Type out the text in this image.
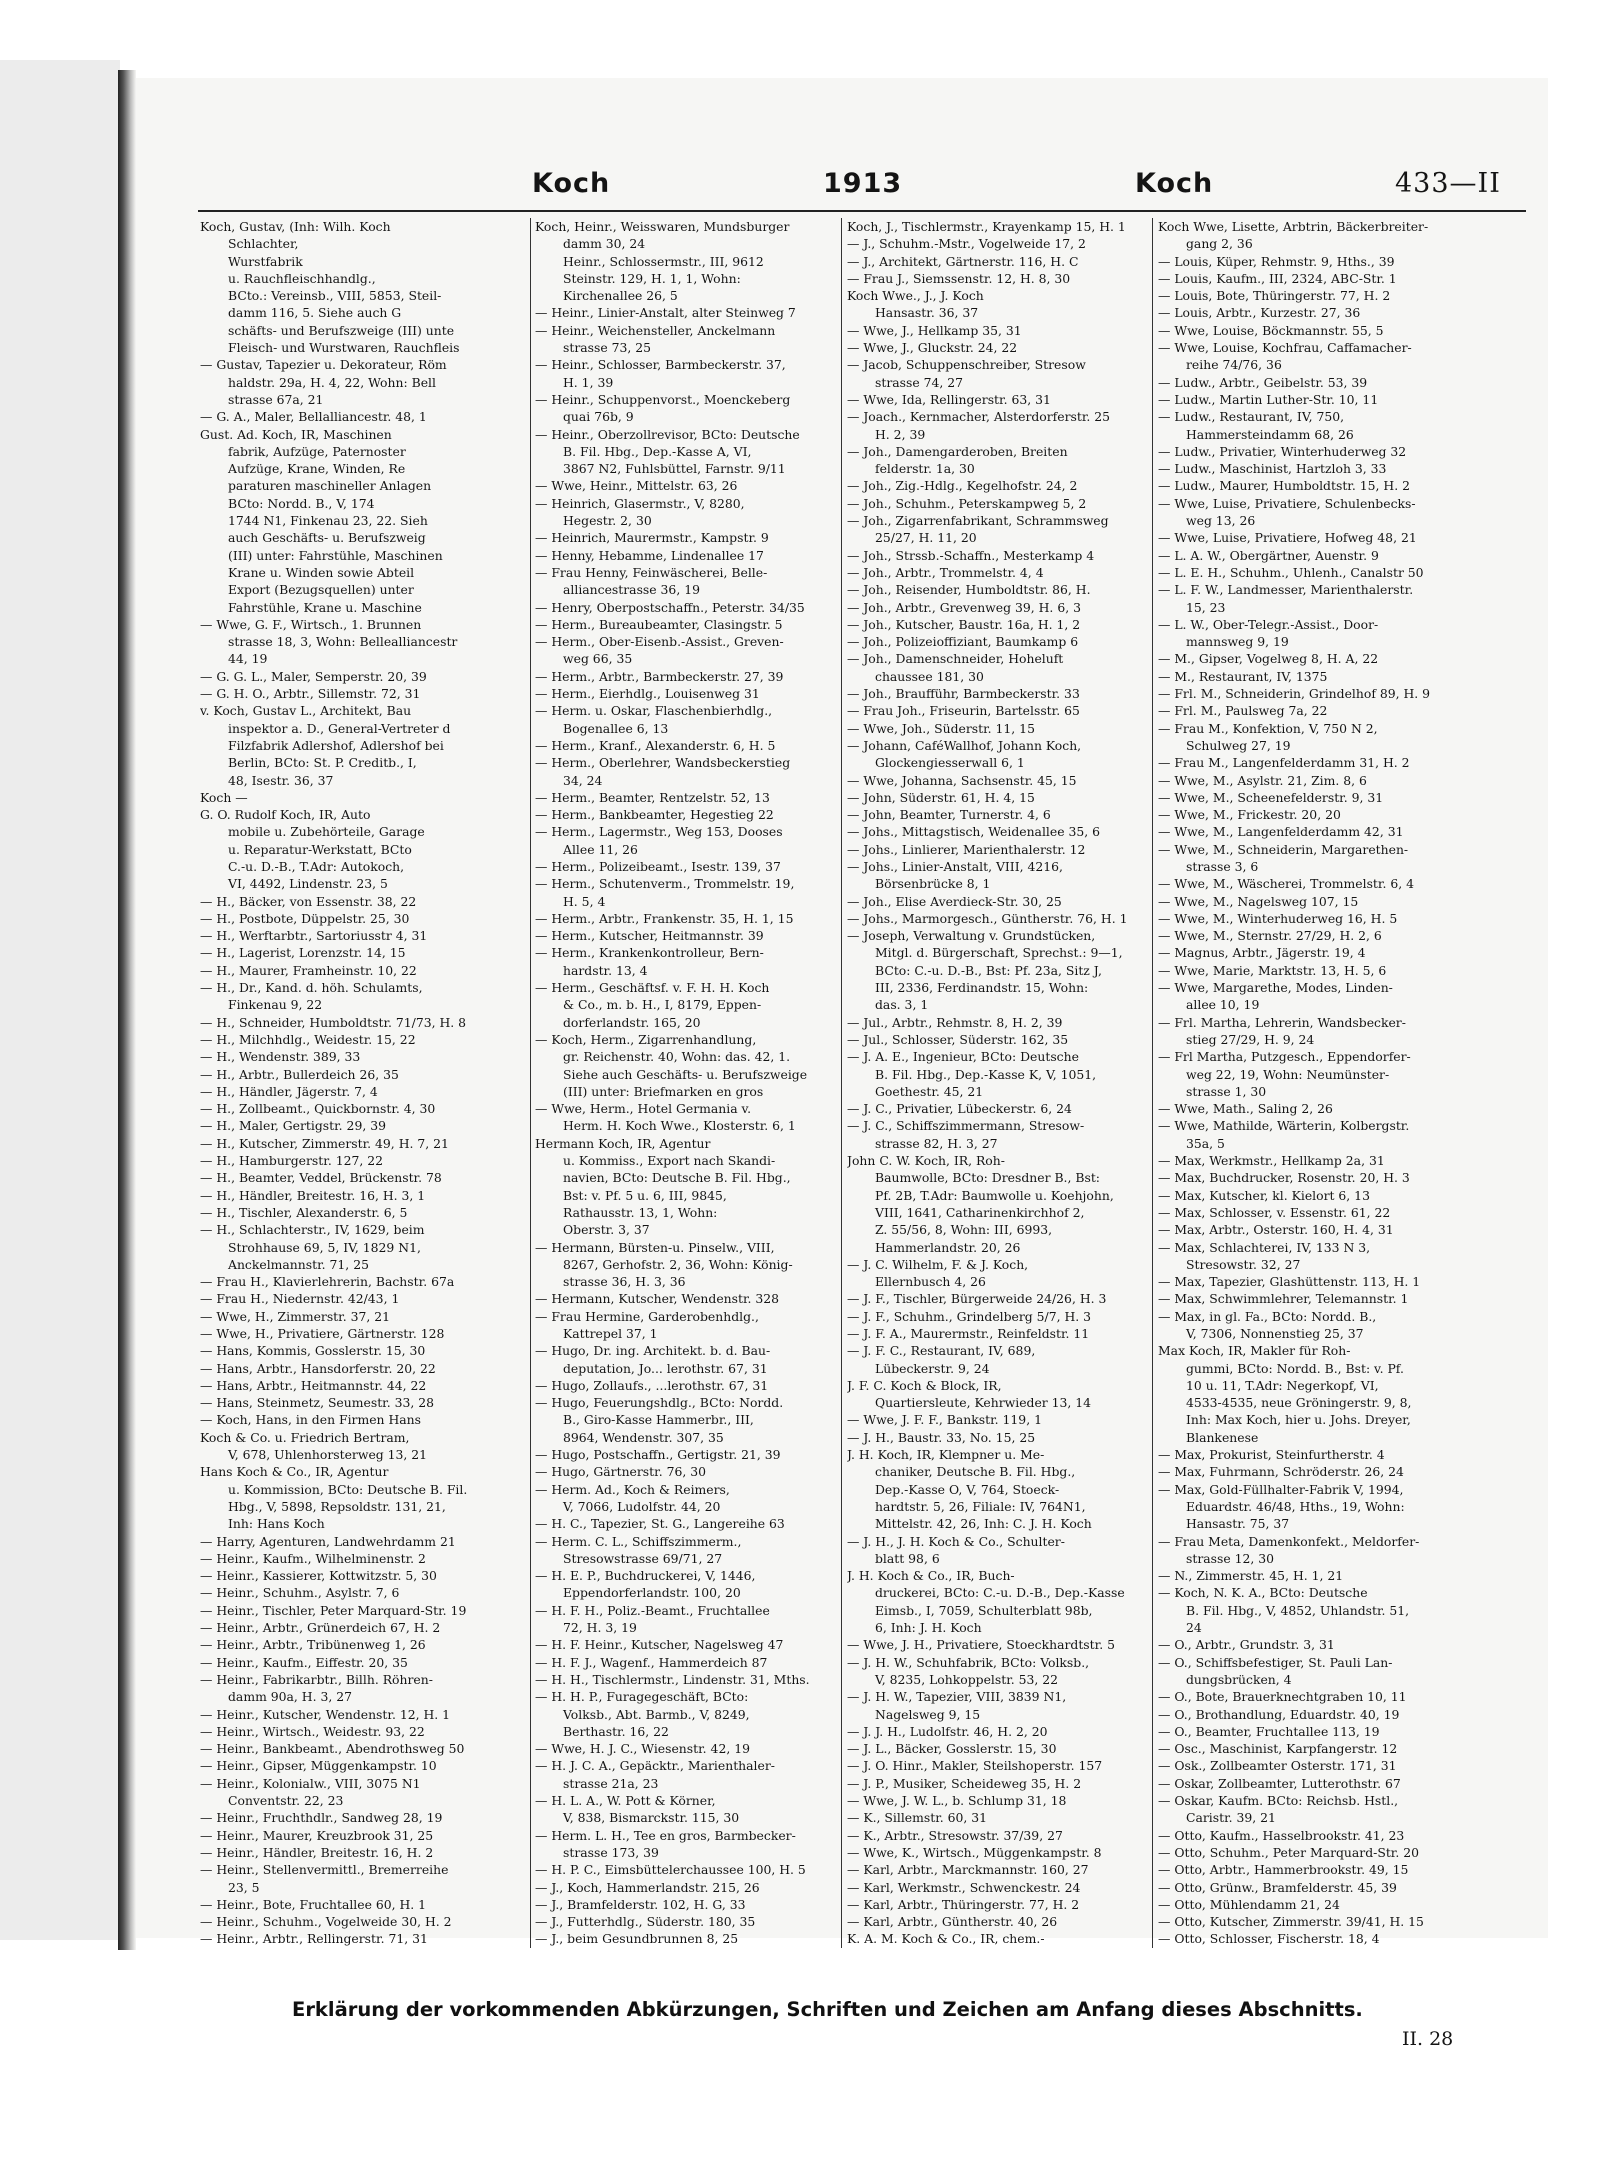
Koch	1913	Koch	433—II

Koch, Gustav, (Inh: Wilh. Koch

Schlachter,

Wurstfabrik

u. Rauchfleischhandlg.,

BCto.: Vereinsb., VIII, 5853, Steil-

damm 116, 5. Siehe auch G

schäfts- und Berufszweige (III) unte

Fleisch- und Wurstwaren, Rauchfleis

— Gustav, Tapezier u. Dekorateur, Röm

haldstr. 29a, H. 4, 22, Wohn: Bell

strasse 67a, 21

— G. A., Maler, Bellalliancestr. 48, 1

Gust. Ad. Koch, IR, Maschinen

fabrik, Aufzüge, Paternoster

Aufzüge, Krane, Winden, Re

paraturen maschineller Anlagen

BCto: Nordd. B., V, 174

1744 N1, Finkenau 23, 22. Sieh

auch Geschäfts- u. Berufszweig

(III) unter: Fahrstühle, Maschinen

Krane u. Winden sowie Abteil

Export (Bezugsquellen) unter

Fahrstühle, Krane u. Maschine

— Wwe, G. F., Wirtsch., 1. Brunnen

strasse 18, 3, Wohn: Bellealliancestr

44, 19

— G. G. L., Maler, Semperstr. 20, 39

— G. H. O., Arbtr., Sillemstr. 72, 31

v. Koch, Gustav L., Architekt, Bau

inspektor a. D., General-Vertreter d

Filzfabrik Adlershof, Adlershof bei

Berlin, BCto: St. P. Creditb., I,

48, Isestr. 36, 37

Koch —

G. O. Rudolf Koch, IR, Auto

mobile u. Zubehörteile, Garage

u. Reparatur-Werkstatt, BCto

C.-u. D.-B., T.Adr: Autokoch,

VI, 4492, Lindenstr. 23, 5

— H., Bäcker, von Essenstr. 38, 22

— H., Postbote, Düppelstr. 25, 30

— H., Werftarbtr., Sartoriusstr 4, 31

— H., Lagerist, Lorenzstr. 14, 15

— H., Maurer, Framheinstr. 10, 22

— H., Dr., Kand. d. höh. Schulamts,

Finkenau 9, 22

— H., Schneider, Humboldtstr. 71/73, H. 8

— H., Milchhdlg., Weidestr. 15, 22

— H., Wendenstr. 389, 33

— H., Arbtr., Bullerdeich 26, 35

— H., Händler, Jägerstr. 7, 4

— H., Zollbeamt., Quickbornstr. 4, 30

— H., Maler, Gertigstr. 29, 39

— H., Kutscher, Zimmerstr. 49, H. 7, 21

— H., Hamburgerstr. 127, 22

— H., Beamter, Veddel, Brückenstr. 78

— H., Händler, Breitestr. 16, H. 3, 1

— H., Tischler, Alexanderstr. 6, 5

— H., Schlachterstr., IV, 1629, beim

Strohhause 69, 5, IV, 1829 N1,

Anckelmannstr. 71, 25

— Frau H., Klavierlehrerin, Bachstr. 67a

— Frau H., Niedernstr. 42/43, 1

— Wwe, H., Zimmerstr. 37, 21

— Wwe, H., Privatiere, Gärtnerstr. 128

— Hans, Kommis, Gosslerstr. 15, 30

— Hans, Arbtr., Hansdorferstr. 20, 22

— Hans, Arbtr., Heitmannstr. 44, 22

— Hans, Steinmetz, Seumestr. 33, 28

— Koch, Hans, in den Firmen Hans

Koch & Co. u. Friedrich Bertram,

V, 678, Uhlenhorsterweg 13, 21

Hans Koch & Co., IR, Agentur

u. Kommission, BCto: Deutsche B. Fil.

Hbg., V, 5898, Repsoldstr. 131, 21,

Inh: Hans Koch

— Harry, Agenturen, Landwehrdamm 21

— Heinr., Kaufm., Wilhelminenstr. 2

— Heinr., Kassierer, Kottwitzstr. 5, 30

— Heinr., Schuhm., Asylstr. 7, 6

— Heinr., Tischler, Peter Marquard-Str. 19

— Heinr., Arbtr., Grünerdeich 67, H. 2

— Heinr., Arbtr., Tribünenweg 1, 26

— Heinr., Kaufm., Eiffestr. 20, 35

— Heinr., Fabrikarbtr., Billh. Röhren-

damm 90a, H. 3, 27

— Heinr., Kutscher, Wendenstr. 12, H. 1

— Heinr., Wirtsch., Weidestr. 93, 22

— Heinr., Bankbeamt., Abendrothsweg 50

— Heinr., Gipser, Müggenkampstr. 10

— Heinr., Kolonialw., VIII, 3075 N1

Conventstr. 22, 23

— Heinr., Fruchthdlr., Sandweg 28, 19

— Heinr., Maurer, Kreuzbrook 31, 25

— Heinr., Händler, Breitestr. 16, H. 2

— Heinr., Stellenvermittl., Bremerreihe

23, 5

— Heinr., Bote, Fruchtallee 60, H. 1

— Heinr., Schuhm., Vogelweide 30, H. 2

— Heinr., Arbtr., Rellingerstr. 71, 31

Koch, Heinr., Weisswaren, Mundsburger

damm 30, 24

Heinr., Schlossermstr., III, 9612

Steinstr. 129, H. 1, 1, Wohn:

Kirchenallee 26, 5

— Heinr., Linier-Anstalt, alter Steinweg 7

— Heinr., Weichensteller, Anckelmann

strasse 73, 25

— Heinr., Schlosser, Barmbeckerstr. 37,

H. 1, 39

— Heinr., Schuppenvorst., Moenckeberg

quai 76b, 9

— Heinr., Oberzollrevisor, BCto: Deutsche

B. Fil. Hbg., Dep.-Kasse A, VI,

3867 N2, Fuhlsbüttel, Farnstr. 9/11

— Wwe, Heinr., Mittelstr. 63, 26

— Heinrich, Glasermstr., V, 8280,

Hegestr. 2, 30

— Heinrich, Maurermstr., Kampstr. 9

— Henny, Hebamme, Lindenallee 17

— Frau Henny, Feinwäscherei, Belle-

alliancestrasse 36, 19

— Henry, Oberpostschaffn., Peterstr. 34/35

— Herm., Bureaubeamter, Clasingstr. 5

— Herm., Ober-Eisenb.-Assist., Greven-

weg 66, 35

— Herm., Arbtr., Barmbeckerstr. 27, 39

— Herm., Eierhdlg., Louisenweg 31

— Herm. u. Oskar, Flaschenbierhdlg.,

Bogenallee 6, 13

— Herm., Kranf., Alexanderstr. 6, H. 5

— Herm., Oberlehrer, Wandsbeckerstieg

34, 24

— Herm., Beamter, Rentzelstr. 52, 13

— Herm., Bankbeamter, Hegestieg 22

— Herm., Lagermstr., Weg 153, Dooses

Allee 11, 26

— Herm., Polizeibeamt., Isestr. 139, 37

— Herm., Schutenverm., Trommelstr. 19,

H. 5, 4

— Herm., Arbtr., Frankenstr. 35, H. 1, 15

— Herm., Kutscher, Heitmannstr. 39

— Herm., Krankenkontrolleur, Bern-

hardstr. 13, 4

— Herm., Geschäftsf. v. F. H. H. Koch

& Co., m. b. H., I, 8179, Eppen-

dorferlandstr. 165, 20

— Koch, Herm., Zigarrenhandlung,

gr. Reichenstr. 40, Wohn: das. 42, 1.

Siehe auch Geschäfts- u. Berufszweige

(III) unter: Briefmarken en gros

— Wwe, Herm., Hotel Germania v.

Herm. H. Koch Wwe., Klosterstr. 6, 1

Hermann Koch, IR, Agentur

u. Kommiss., Export nach Skandi-

navien, BCto: Deutsche B. Fil. Hbg.,

Bst: v. Pf. 5 u. 6, III, 9845,

Rathausstr. 13, 1, Wohn:

Oberstr. 3, 37

— Hermann, Bürsten-u. Pinselw., VIII,

8267, Gerhofstr. 2, 36, Wohn: König-

strasse 36, H. 3, 36

— Hermann, Kutscher, Wendenstr. 328

— Frau Hermine, Garderobenhdlg.,

Kattrepel 37, 1

— Hugo, Dr. ing. Architekt. b. d. Bau-

deputation, Jo... lerothstr. 67, 31

— Hugo, Zollaufs., ...lerothstr. 67, 31

— Hugo, Feuerungshdlg., BCto: Nordd.

B., Giro-Kasse Hammerbr., III,

8964, Wendenstr. 307, 35

— Hugo, Postschaffn., Gertigstr. 21, 39

— Hugo, Gärtnerstr. 76, 30

— Herm. Ad., Koch & Reimers,

V, 7066, Ludolfstr. 44, 20

— H. C., Tapezier, St. G., Langereihe 63

— Herm. C. L., Schiffszimmerm.,

Stresowstrasse 69/71, 27

— H. E. P., Buchdruckerei, V, 1446,

Eppendorferlandstr. 100, 20

— H. F. H., Poliz.-Beamt., Fruchtallee

72, H. 3, 19

— H. F. Heinr., Kutscher, Nagelsweg 47

— H. F. J., Wagenf., Hammerdeich 87

— H. H., Tischlermstr., Lindenstr. 31, Mths.

— H. H. P., Furagegeschäft, BCto:

Volksb., Abt. Barmb., V, 8249,

Berthastr. 16, 22

— Wwe, H. J. C., Wiesenstr. 42, 19

— H. J. C. A., Gepäcktr., Marienthaler-

strasse 21a, 23

— H. L. A., W. Pott & Körner,

V, 838, Bismarckstr. 115, 30

— Herm. L. H., Tee en gros, Barmbecker-

strasse 173, 39

— H. P. C., Eimsbüttelerchaussee 100, H. 5

— J., Koch, Hammerlandstr. 215, 26

— J., Bramfelderstr. 102, H. G, 33

— J., Futterhdlg., Süderstr. 180, 35

— J., beim Gesundbrunnen 8, 25

Koch, J., Tischlermstr., Krayenkamp 15, H. 1

— J., Schuhm.-Mstr., Vogelweide 17, 2

— J., Architekt, Gärtnerstr. 116, H. C

— Frau J., Siemssenstr. 12, H. 8, 30

Koch Wwe., J., J. Koch

Hansastr. 36, 37

— Wwe, J., Hellkamp 35, 31

— Wwe, J., Gluckstr. 24, 22

— Jacob, Schuppenschreiber, Stresow

strasse 74, 27

— Wwe, Ida, Rellingerstr. 63, 31

— Joach., Kernmacher, Alsterdorferstr. 25

H. 2, 39

— Joh., Damengarderoben, Breiten

felderstr. 1a, 30

— Joh., Zig.-Hdlg., Kegelhofstr. 24, 2

— Joh., Schuhm., Peterskampweg 5, 2

— Joh., Zigarrenfabrikant, Schrammsweg

25/27, H. 11, 20

— Joh., Strssb.-Schaffn., Mesterkamp 4

— Joh., Arbtr., Trommelstr. 4, 4

— Joh., Reisender, Humboldtstr. 86, H.

— Joh., Arbtr., Grevenweg 39, H. 6, 3

— Joh., Kutscher, Baustr. 16a, H. 1, 2

— Joh., Polizeioffiziant, Baumkamp 6

— Joh., Damenschneider, Hoheluft

chaussee 181, 30

— Joh., Braufführ, Barmbeckerstr. 33

— Frau Joh., Friseurin, Bartelsstr. 65

— Wwe, Joh., Süderstr. 11, 15

— Johann, CaféWallhof, Johann Koch,

Glockengiesserwall 6, 1

— Wwe, Johanna, Sachsenstr. 45, 15

— John, Süderstr. 61, H. 4, 15

— John, Beamter, Turnerstr. 4, 6

— Johs., Mittagstisch, Weidenallee 35, 6

— Johs., Linlierer, Marienthalerstr. 12

— Johs., Linier-Anstalt, VIII, 4216,

Börsenbrücke 8, 1

— Joh., Elise Averdieck-Str. 30, 25

— Johs., Marmorgesch., Güntherstr. 76, H. 1

— Joseph, Verwaltung v. Grundstücken,

Mitgl. d. Bürgerschaft, Sprechst.: 9—1,

BCto: C.-u. D.-B., Bst: Pf. 23a, Sitz J,

III, 2336, Ferdinandstr. 15, Wohn:

das. 3, 1

— Jul., Arbtr., Rehmstr. 8, H. 2, 39

— Jul., Schlosser, Süderstr. 162, 35

— J. A. E., Ingenieur, BCto: Deutsche

B. Fil. Hbg., Dep.-Kasse K, V, 1051,

Goethestr. 45, 21

— J. C., Privatier, Lübeckerstr. 6, 24

— J. C., Schiffszimmermann, Stresow-

strasse 82, H. 3, 27

John C. W. Koch, IR, Roh-

Baumwolle, BCto: Dresdner B., Bst:

Pf. 2B, T.Adr: Baumwolle u. Koehjohn,

VIII, 1641, Catharinenkirchhof 2,

Z. 55/56, 8, Wohn: III, 6993,

Hammerlandstr. 20, 26

— J. C. Wilhelm, F. & J. Koch,

Ellernbusch 4, 26

— J. F., Tischler, Bürgerweide 24/26, H. 3

— J. F., Schuhm., Grindelberg 5/7, H. 3

— J. F. A., Maurermstr., Reinfeldstr. 11

— J. F. C., Restaurant, IV, 689,

Lübeckerstr. 9, 24

J. F. C. Koch & Block, IR,

Quartiersleute, Kehrwieder 13, 14

— Wwe, J. F. F., Bankstr. 119, 1

— J. H., Baustr. 33, No. 15, 25

J. H. Koch, IR, Klempner u. Me-

chaniker, Deutsche B. Fil. Hbg.,

Dep.-Kasse O, V, 764, Stoeck-

hardtstr. 5, 26, Filiale: IV, 764N1,

Mittelstr. 42, 26, Inh: C. J. H. Koch

— J. H., J. H. Koch & Co., Schulter-

blatt 98, 6

J. H. Koch & Co., IR, Buch-

druckerei, BCto: C.-u. D.-B., Dep.-Kasse

Eimsb., I, 7059, Schulterblatt 98b,

6, Inh: J. H. Koch

— Wwe, J. H., Privatiere, Stoeckhardtstr. 5

— J. H. W., Schuhfabrik, BCto: Volksb.,

V, 8235, Lohkoppelstr. 53, 22

— J. H. W., Tapezier, VIII, 3839 N1,

Nagelsweg 9, 15

— J. J. H., Ludolfstr. 46, H. 2, 20

— J. L., Bäcker, Gosslerstr. 15, 30

— J. O. Hinr., Makler, Steilshoperstr. 157

— J. P., Musiker, Scheideweg 35, H. 2

— Wwe, J. W. L., b. Schlump 31, 18

— K., Sillemstr. 60, 31

— K., Arbtr., Stresowstr. 37/39, 27

— Wwe, K., Wirtsch., Müggenkampstr. 8

— Karl, Arbtr., Marckmannstr. 160, 27

— Karl, Werkmstr., Schwenckestr. 24

— Karl, Arbtr., Thüringerstr. 77, H. 2

— Karl, Arbtr., Güntherstr. 40, 26

K. A. M. Koch & Co., IR, chem.-

Koch Wwe, Lisette, Arbtrin, Bäckerbreiter-

gang 2, 36

— Louis, Küper, Rehmstr. 9, Hths., 39

— Louis, Kaufm., III, 2324, ABC-Str. 1

— Louis, Bote, Thüringerstr. 77, H. 2

— Louis, Arbtr., Kurzestr. 27, 36

— Wwe, Louise, Böckmannstr. 55, 5

— Wwe, Louise, Kochfrau, Caffamacher-

reihe 74/76, 36

— Ludw., Arbtr., Geibelstr. 53, 39

— Ludw., Martin Luther-Str. 10, 11

— Ludw., Restaurant, IV, 750,

Hammersteindamm 68, 26

— Ludw., Privatier, Winterhuderweg 32

— Ludw., Maschinist, Hartzloh 3, 33

— Ludw., Maurer, Humboldtstr. 15, H. 2

— Wwe, Luise, Privatiere, Schulenbecks-

weg 13, 26

— Wwe, Luise, Privatiere, Hofweg 48, 21

— L. A. W., Obergärtner, Auenstr. 9

— L. E. H., Schuhm., Uhlenh., Canalstr 50

— L. F. W., Landmesser, Marienthalerstr.

15, 23

— L. W., Ober-Telegr.-Assist., Door-

mannsweg 9, 19

— M., Gipser, Vogelweg 8, H. A, 22

— M., Restaurant, IV, 1375

— Frl. M., Schneiderin, Grindelhof 89, H. 9

— Frl. M., Paulsweg 7a, 22

— Frau M., Konfektion, V, 750 N 2,

Schulweg 27, 19

— Frau M., Langenfelderdamm 31, H. 2

— Wwe, M., Asylstr. 21, Zim. 8, 6

— Wwe, M., Scheenefelderstr. 9, 31

— Wwe, M., Frickestr. 20, 20

— Wwe, M., Langenfelderdamm 42, 31

— Wwe, M., Schneiderin, Margarethen-

strasse 3, 6

— Wwe, M., Wäscherei, Trommelstr. 6, 4

— Wwe, M., Nagelsweg 107, 15

— Wwe, M., Winterhuderweg 16, H. 5

— Wwe, M., Sternstr. 27/29, H. 2, 6

— Magnus, Arbtr., Jägerstr. 19, 4

— Wwe, Marie, Marktstr. 13, H. 5, 6

— Wwe, Margarethe, Modes, Linden-

allee 10, 19

— Frl. Martha, Lehrerin, Wandsbecker-

stieg 27/29, H. 9, 24

— Frl Martha, Putzgesch., Eppendorfer-

weg 22, 19, Wohn: Neumünster-

strasse 1, 30

— Wwe, Math., Saling 2, 26

— Wwe, Mathilde, Wärterin, Kolbergstr.

35a, 5

— Max, Werkmstr., Hellkamp 2a, 31

— Max, Buchdrucker, Rosenstr. 20, H. 3

— Max, Kutscher, kl. Kielort 6, 13

— Max, Schlosser, v. Essenstr. 61, 22

— Max, Arbtr., Osterstr. 160, H. 4, 31

— Max, Schlachterei, IV, 133 N 3,

Stresowstr. 32, 27

— Max, Tapezier, Glashüttenstr. 113, H. 1

— Max, Schwimmlehrer, Telemannstr. 1

— Max, in gl. Fa., BCto: Nordd. B.,

V, 7306, Nonnenstieg 25, 37

Max Koch, IR, Makler für Roh-

gummi, BCto: Nordd. B., Bst: v. Pf.

10 u. 11, T.Adr: Negerkopf, VI,

4533-4535, neue Gröningerstr. 9, 8,

Inh: Max Koch, hier u. Johs. Dreyer,

Blankenese

— Max, Prokurist, Steinfurtherstr. 4

— Max, Fuhrmann, Schröderstr. 26, 24

— Max, Gold-Füllhalter-Fabrik V, 1994,

Eduardstr. 46/48, Hths., 19, Wohn:

Hansastr. 75, 37

— Frau Meta, Damenkonfekt., Meldorfer-

strasse 12, 30

— N., Zimmerstr. 45, H. 1, 21

— Koch, N. K. A., BCto: Deutsche

B. Fil. Hbg., V, 4852, Uhlandstr. 51,

24

— O., Arbtr., Grundstr. 3, 31

— O., Schiffsbefestiger, St. Pauli Lan-

dungsbrücken, 4

— O., Bote, Brauerknechtgraben 10, 11

— O., Brothandlung, Eduardstr. 40, 19

— O., Beamter, Fruchtallee 113, 19

— Osc., Maschinist, Karpfangerstr. 12

— Osk., Zollbeamter Osterstr. 171, 31

— Oskar, Zollbeamter, Lutterothstr. 67

— Oskar, Kaufm. BCto: Reichsb. Hstl.,

Caristr. 39, 21

— Otto, Kaufm., Hasselbrookstr. 41, 23

— Otto, Schuhm., Peter Marquard-Str. 20

— Otto, Arbtr., Hammerbrookstr. 49, 15

— Otto, Grünw., Bramfelderstr. 45, 39

— Otto, Mühlendamm 21, 24

— Otto, Kutscher, Zimmerstr. 39/41, H. 15

— Otto, Schlosser, Fischerstr. 18, 4

Erklärung der vorkommenden Abkürzungen, Schriften und Zeichen am Anfang dieses Abschnitts.
II. 28
